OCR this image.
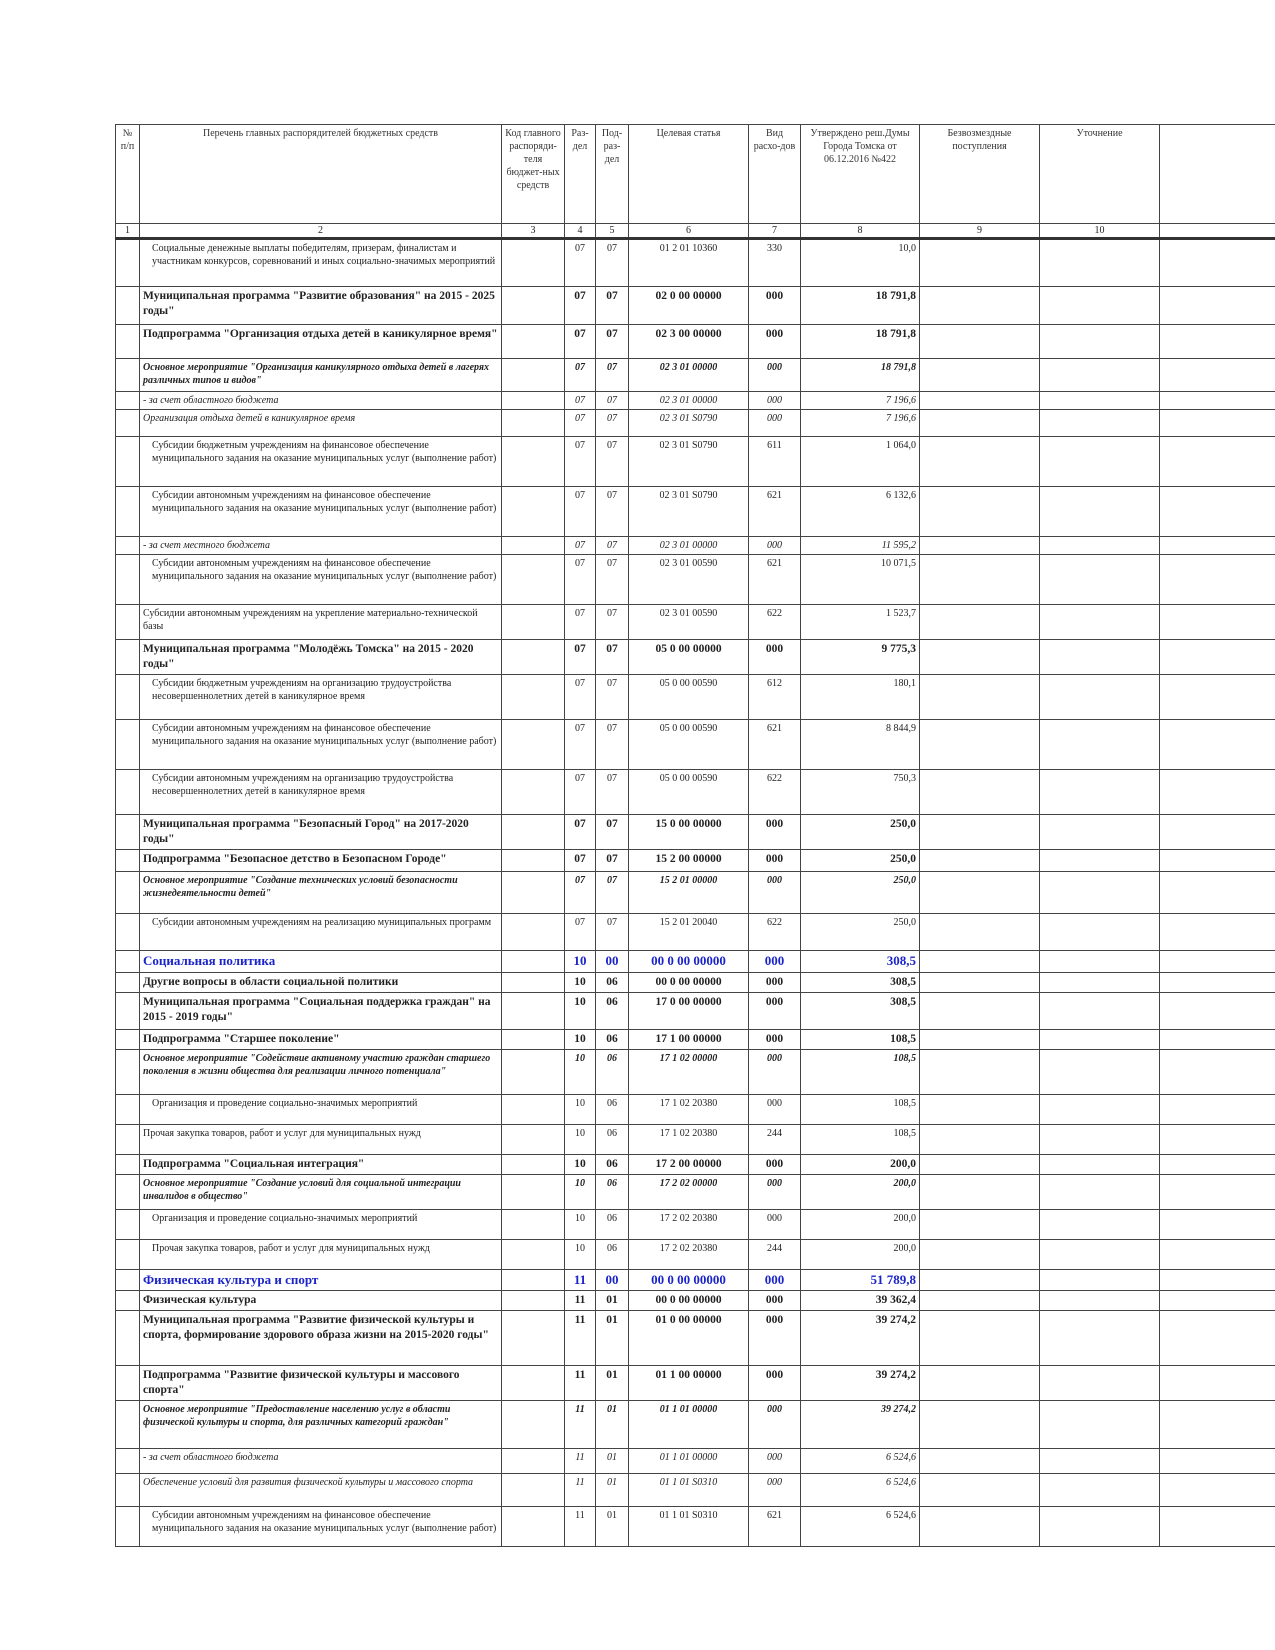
№ п/п	Перечень главных распорядителей бюджетных средств	Код главного распоряди-теля бюджет-ных средств	Раз-дел	Под-раз-дел	Целевая статья	Вид расхо-дов	Утверждено реш.Думы Города Томска от 06.12.2016 №422	Безвозмездные поступления	Уточнение	
1	2	3	4	5	6	7	8	9	10	
	Социальные денежные выплаты победителям, призерам, финалистам и участникам конкурсов, соревнований и иных социально-значимых мероприятий		07	07	01 2 01 10360	330	10,0			
	Муниципальная программа "Развитие образования" на 2015 - 2025 годы"		07	07	02 0 00 00000	000	18 791,8			
	Подпрограмма "Организация отдыха детей в каникулярное время"		07	07	02 3 00 00000	000	18 791,8			
	Основное мероприятие "Организация каникулярного отдыха детей в лагерях различных типов и видов"		07	07	02 3 01 00000	000	18 791,8			
	- за счет областного бюджета		07	07	02 3 01 00000	000	7 196,6			
	Организация отдыха детей в каникулярное время		07	07	02 3 01 S0790	000	7 196,6			
	Субсидии бюджетным учреждениям на финансовое обеспечение муниципального задания на оказание муниципальных услуг (выполнение работ)		07	07	02 3 01 S0790	611	1 064,0			
	Субсидии автономным учреждениям на финансовое обеспечение муниципального задания на оказание муниципальных услуг (выполнение работ)		07	07	02 3 01 S0790	621	6 132,6			
	- за счет местного бюджета		07	07	02 3 01 00000	000	11 595,2			
	Субсидии автономным учреждениям на финансовое обеспечение муниципального задания на оказание муниципальных услуг (выполнение работ)		07	07	02 3 01 00590	621	10 071,5			
	Субсидии автономным учреждениям на укрепление материально-технической базы		07	07	02 3 01 00590	622	1 523,7			
	Муниципальная программа "Молодёжь Томска" на 2015 - 2020 годы"		07	07	05 0 00 00000	000	9 775,3			
	Субсидии бюджетным учреждениям на организацию трудоустройства несовершеннолетних детей в каникулярное время		07	07	05 0 00 00590	612	180,1			
	Субсидии автономным учреждениям на финансовое обеспечение муниципального задания на оказание муниципальных услуг (выполнение работ)		07	07	05 0 00 00590	621	8 844,9			
	Субсидии автономным учреждениям на организацию трудоустройства несовершеннолетних детей в каникулярное время		07	07	05 0 00 00590	622	750,3			
	Муниципальная программа "Безопасный Город" на 2017-2020 годы"		07	07	15 0 00 00000	000	250,0			
	Подпрограмма "Безопасное детство в Безопасном Городе"		07	07	15 2 00 00000	000	250,0			
	Основное мероприятие "Создание технических условий безопасности жизнедеятельности детей"		07	07	15 2 01 00000	000	250,0			
	Субсидии автономным учреждениям на реализацию муниципальных программ		07	07	15 2 01 20040	622	250,0			
	Социальная политика		10	00	00 0 00 00000	000	308,5			
	Другие вопросы в области социальной политики		10	06	00 0 00 00000	000	308,5			
	Муниципальная программа "Социальная поддержка граждан" на 2015 - 2019 годы"		10	06	17 0 00 00000	000	308,5			
	Подпрограмма "Старшее поколение"		10	06	17 1 00 00000	000	108,5			
	Основное мероприятие "Содействие активному участию граждан старшего поколения в жизни общества для реализации личного потенциала"		10	06	17 1 02 00000	000	108,5			
	Организация и проведение социально-значимых мероприятий		10	06	17 1 02 20380	000	108,5			
	Прочая закупка товаров, работ и услуг для муниципальных нужд		10	06	17 1 02 20380	244	108,5			
	Подпрограмма "Социальная интеграция"		10	06	17 2 00 00000	000	200,0			
	Основное мероприятие "Создание условий для социальной интеграции инвалидов в общество"		10	06	17 2 02 00000	000	200,0			
	Организация и проведение социально-значимых мероприятий		10	06	17 2 02 20380	000	200,0			
	Прочая закупка товаров, работ и услуг для муниципальных нужд		10	06	17 2 02 20380	244	200,0			
	Физическая культура и спорт		11	00	00 0 00 00000	000	51 789,8			
	Физическая культура		11	01	00 0 00 00000	000	39 362,4			
	Муниципальная программа "Развитие физической культуры и спорта, формирование здорового образа жизни на 2015-2020 годы"		11	01	01 0 00 00000	000	39 274,2			
	Подпрограмма "Развитие физической культуры и массового спорта"		11	01	01 1 00 00000	000	39 274,2			
	Основное мероприятие "Предоставление населению услуг в области физической культуры и спорта, для различных категорий граждан"		11	01	01 1 01 00000	000	39 274,2			
	- за счет областного бюджета		11	01	01 1 01 00000	000	6 524,6			
	Обеспечение условий для развития физической культуры и массового спорта		11	01	01 1 01 S0310	000	6 524,6			
	Субсидии автономным учреждениям на финансовое обеспечение муниципального задания на оказание муниципальных услуг (выполнение работ)		11	01	01 1 01 S0310	621	6 524,6			
